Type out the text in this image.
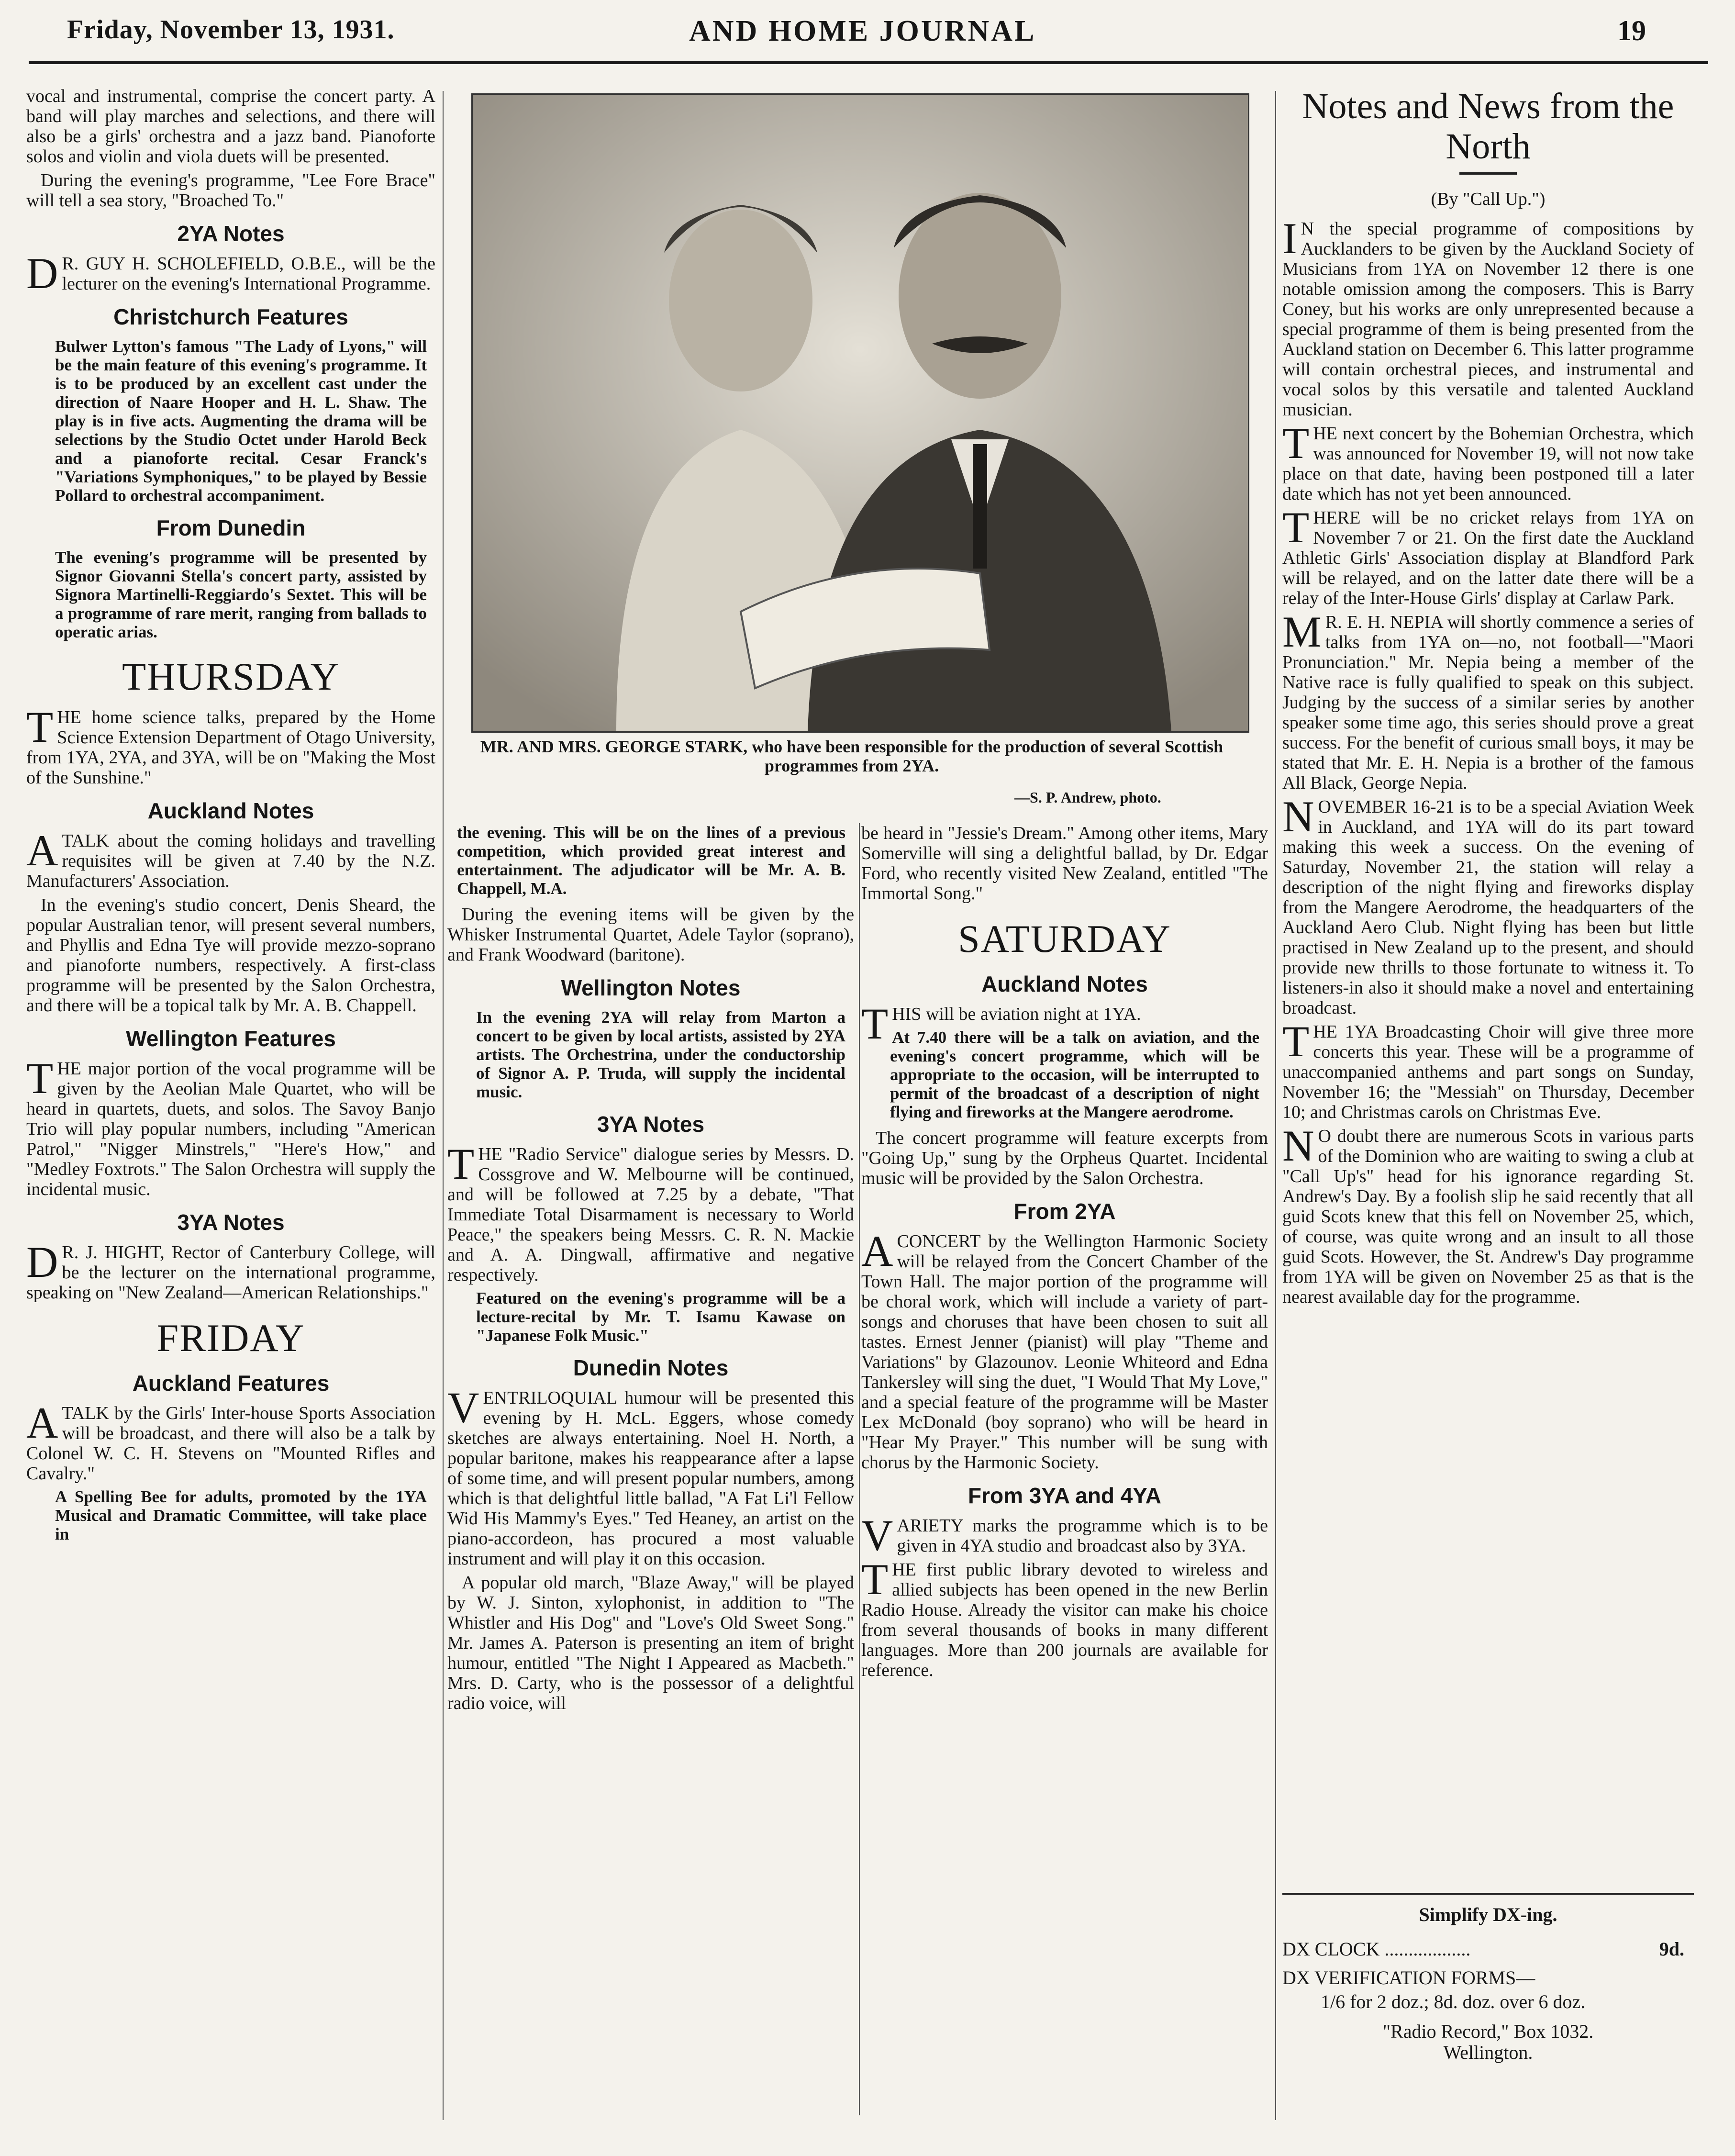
Friday, November 13, 1931.	AND HOME JOURNAL	19

vocal and instrumental, comprise the concert party. A band will play marches and selections, and there will also be a girls' orchestra and a jazz band. Pianoforte solos and violin and viola duets will be presented.

During the evening's programme, "Lee Fore Brace" will tell a sea story, "Broached To."

2YA Notes

D R. GUY H. SCHOLEFIELD, O.B.E., will be the lecturer on the evening's International Programme.

Christchurch Features

Bulwer Lytton's famous "The Lady of Lyons," will be the main feature of this evening's programme. It is to be produced by an excellent cast under the direction of Naare Hooper and H. L. Shaw. The play is in five acts. Augmenting the drama will be selections by the Studio Octet under Harold Beck and a pianoforte recital. Cesar Franck's "Variations Symphoniques," to be played by Bessie Pollard to orchestral accompaniment.

From Dunedin

The evening's programme will be presented by Signor Giovanni Stella's concert party, assisted by Signora Martinelli-Reggiardo's Sextet. This will be a programme of rare merit, ranging from ballads to operatic arias.

THURSDAY

THE home science talks, prepared by the Home Science Extension Department of Otago University, from 1YA, 2YA, and 3YA, will be on "Making the Most of the Sunshine."

Auckland Notes

ATALK about the coming holidays and travelling requisites will be given at 7.40 by the N.Z. Manufacturers' Association.

In the evening's studio concert, Denis Sheard, the popular Australian tenor, will present several numbers, and Phyllis and Edna Tye will provide mezzo-soprano and pianoforte numbers, respectively. A first-class programme will be presented by the Salon Orchestra, and there will be a topical talk by Mr. A. B. Chappell.

Wellington Features

THE major portion of the vocal programme will be given by the Aeolian Male Quartet, who will be heard in quartets, duets, and solos. The Savoy Banjo Trio will play popular numbers, including "American Patrol," "Nigger Minstrels," "Here's How," and "Medley Foxtrots." The Salon Orchestra will supply the incidental music.

3YA Notes

D R. J. HIGHT, Rector of Canterbury College, will be the lecturer on the international programme, speaking on "New Zealand—American Relationships."

FRIDAY
Auckland Features

ATALK by the Girls' Inter-house Sports Association will be broadcast, and there will also be a talk by Colonel W. C. H. Stevens on "Mounted Rifles and Cavalry."

A Spelling Bee for adults, promoted by the 1YA Musical and Dramatic Committee, will take place in

MR. AND MRS. GEORGE STARK, who have been responsible for the production of several Scottish programmes from 2YA.
—S. P. Andrew, photo.

the evening. This will be on the lines of a previous competition, which provided great interest and entertainment. The adjudicator will be Mr. A. B. Chappell, M.A.

During the evening items will be given by the Whisker Instrumental Quartet, Adele Taylor (soprano), and Frank Woodward (baritone).

Wellington Notes

In the evening 2YA will relay from Marton a concert to be given by local artists, assisted by 2YA artists. The Orchestrina, under the conductorship of Signor A. P. Truda, will supply the incidental music.

3YA Notes

THE "Radio Service" dialogue series by Messrs. D. Cossgrove and W. Melbourne will be continued, and will be followed at 7.25 by a debate, "That Immediate Total Disarmament is necessary to World Peace," the speakers being Messrs. C. R. N. Mackie and A. A. Dingwall, affirmative and negative respectively.

Featured on the evening's programme will be a lecture-recital by Mr. T. Isamu Kawase on "Japanese Folk Music."

Dunedin Notes

VENTRILOQUIAL humour will be presented this evening by H. McL. Eggers, whose comedy sketches are always entertaining. Noel H. North, a popular baritone, makes his reappearance after a lapse of some time, and will present popular numbers, among which is that delightful little ballad, "A Fat Li'l Fellow Wid His Mammy's Eyes." Ted Heaney, an artist on the piano-accordeon, has procured a most valuable instrument and will play it on this occasion.

A popular old march, "Blaze Away," will be played by W. J. Sinton, xylophonist, in addition to "The Whistler and His Dog" and "Love's Old Sweet Song." Mr. James A. Paterson is presenting an item of bright humour, entitled "The Night I Appeared as Macbeth." Mrs. D. Carty, who is the possessor of a delightful radio voice, will

be heard in "Jessie's Dream." Among other items, Mary Somerville will sing a delightful ballad, by Dr. Edgar Ford, who recently visited New Zealand, entitled "The Immortal Song."

SATURDAY
Auckland Notes

THIS will be aviation night at 1YA.

At 7.40 there will be a talk on aviation, and the evening's concert programme, which will be appropriate to the occasion, will be interrupted to permit of the broadcast of a description of night flying and fireworks at the Mangere aerodrome.

The concert programme will feature excerpts from "Going Up," sung by the Orpheus Quartet. Incidental music will be provided by the Salon Orchestra.

From 2YA

ACONCERT by the Wellington Harmonic Society will be relayed from the Concert Chamber of the Town Hall. The major portion of the programme will be choral work, which will include a variety of part-songs and choruses that have been chosen to suit all tastes. Ernest Jenner (pianist) will play "Theme and Variations" by Glazounov. Leonie Whiteord and Edna Tankersley will sing the duet, "I Would That My Love," and a special feature of the programme will be Master Lex McDonald (boy soprano) who will be heard in "Hear My Prayer." This number will be sung with chorus by the Harmonic Society.

From 3YA and 4YA

VARIETY marks the programme which is to be given in 4YA studio and broadcast also by 3YA.

THE first public library devoted to wireless and allied subjects has been opened in the new Berlin Radio House. Already the visitor can make his choice from several thousands of books in many different languages. More than 200 journals are available for reference.

Notes and News from the North
(By "Call Up.")

I N the special programme of compositions by Aucklanders to be given by the Auckland Society of Musicians from 1YA on November 12 there is one notable omission among the composers. This is Barry Coney, but his works are only unrepresented because a special programme of them is being presented from the Auckland station on December 6. This latter programme will contain orchestral pieces, and instrumental and vocal solos by this versatile and talented Auckland musician.

THE next concert by the Bohemian Orchestra, which was announced for November 19, will not now take place on that date, having been postponed till a later date which has not yet been announced.

THERE will be no cricket relays from 1YA on November 7 or 21. On the first date the Auckland Athletic Girls' Association display at Blandford Park will be relayed, and on the latter date there will be a relay of the Inter-House Girls' display at Carlaw Park.

M R. E. H. NEPIA will shortly commence a series of talks from 1YA on—no, not football—"Maori Pronunciation." Mr. Nepia being a member of the Native race is fully qualified to speak on this subject. Judging by the success of a similar series by another speaker some time ago, this series should prove a great success. For the benefit of curious small boys, it may be stated that Mr. E. H. Nepia is a brother of the famous All Black, George Nepia.

NOVEMBER 16-21 is to be a special Aviation Week in Auckland, and 1YA will do its part toward making this week a success. On the evening of Saturday, November 21, the station will relay a description of the night flying and fireworks display from the Mangere Aerodrome, the headquarters of the Auckland Aero Club. Night flying has been but little practised in New Zealand up to the present, and should provide new thrills to those fortunate to witness it. To listeners-in also it should make a novel and entertaining broadcast.

THE 1YA Broadcasting Choir will give three more concerts this year. These will be a programme of unaccompanied anthems and part songs on Sunday, November 16; the "Messiah" on Thursday, December 10; and Christmas carols on Christmas Eve.

N O doubt there are numerous Scots in various parts of the Dominion who are waiting to swing a club at "Call Up's" head for his ignorance regarding St. Andrew's Day. By a foolish slip he said recently that all guid Scots knew that this fell on November 25, which, of course, was quite wrong and an insult to all those guid Scots. However, the St. Andrew's Day programme from 1YA will be given on November 25 as that is the nearest available day for the programme.

Simplify DX-ing.
DX CLOCK ..................	9d.
DX VERIFICATION FORMS—
1/6 for 2 doz.; 8d. doz. over 6 doz.
"Radio Record," Box 1032.
Wellington.
